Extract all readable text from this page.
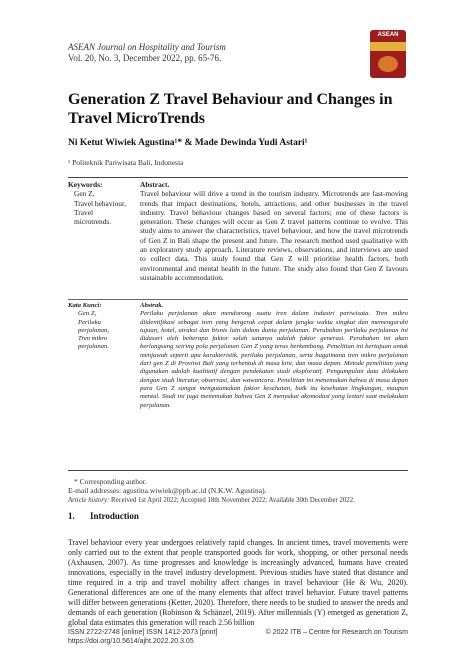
ASEAN Journal on Hospitality and Tourism
Vol. 20, No. 3, December 2022, pp. 65-76.
ASEAN
Generation Z Travel Behaviour and Changes in Travel MicroTrends
Ni Ketut Wiwiek Agustina¹* & Made Dewinda Yudi Astari¹
¹ Politeknik Pariwisata Bali, Indonesia
Keywords:
Gen Z,
Travel behaviour,
Travel
microtrends.
Abstract.
Travel behaviour will drive a trend in the tourism industry. Microtrends are fast-moving trends that impact destinations, hotels, attractions, and other businesses in the travel industry. Travel behaviour changes based on several factors; one of these factors is generation. These changes will occur as Gen Z travel patterns continue to evolve. This study aims to answer the characteristics, travel behaviour, and how the travel microtrends of Gen Z in Bali shape the present and future. The research method used qualitative with an exploratory study approach. Literature reviews, observations, and interviews are used to collect data. This study found that Gen Z will prioritise health factors, both environmental and mental health in the future. The study also found that Gen Z favours sustainable accommodation.
Kata Kunci:
Gen Z,
Perilaku perjalanan,
Tren mikro
perjalanan.
Abstrak.
Perilaku perjalanan akan mendorong suatu tren dalam industri pariwisata. Tren mikro diidentifikasi sebagai tren yang bergerak cepat dalam jangka waktu singkat dan memengaruhi tujuan, hotel, atraksi dan bisnis lain dalam dunia perjalanan. Perubahan perilaku perjalanan ini didasari oleh beberapa faktor salah satunya adalah faktor generasi. Perubahan ini akan berlangsung seiring pola perjalanan Gen Z yang terus berkembang. Penelitian ini bertujuan untuk menjawab seperti apa karakteristik, perilaku perjalanan, serta bagaimana tren mikro perjalanan dari gen Z di Provinsi Bali yang terbentuk di masa kini, dan masa depan. Metode penelitian yang digunakan adalah kualitatif dengan pendekatan studi eksploratif. Pengumpulan data dilakukan dengan studi literatur, observasi, dan wawancara. Penelitian ini menemukan bahwa di masa depan para Gen Z sangat mengutamakan faktor kesehatan, baik itu kesehatan lingkungan, maupun mental. Studi ini juga menemukan bahwa Gen Z menyukai akomodasi yang lestari saat melakukan perjalanan.
* Corresponding author.
E-mail addresses: agustina.wiwiek@ppb.ac.id (N.K.W. Agustina).
Article history: Received 1st April 2022; Accepted 18th November 2022; Available 30th December 2022.
1. Introduction
Travel behaviour every year undergoes relatively rapid changes. In ancient times, travel movements were only carried out to the extent that people transported goods for work, shopping, or other personal needs (Axhausen, 2007). As time progresses and knowledge is increasingly advanced, humans have created innovations, especially in the travel industry development. Previous studies have stated that distance and time required in a trip and travel mobility affect changes in travel behaviour (He & Wu, 2020). Generational differences are one of the many elements that affect travel behavior. Future travel patterns will differ between generations (Ketter, 2020). Therefore, there needs to be studied to answer the needs and demands of each generation (Robinson & Schänzel, 2019). After millennials (Y) emerged as generation Z, global data estimates this generation will reach 2.56 billion
ISSN 2722-2748 [online] ISSN 1412-2073 [print]
https://doi.org/10.5614/ajht.2022.20.3.05
© 2022 ITB – Centre for Research on Tourism
